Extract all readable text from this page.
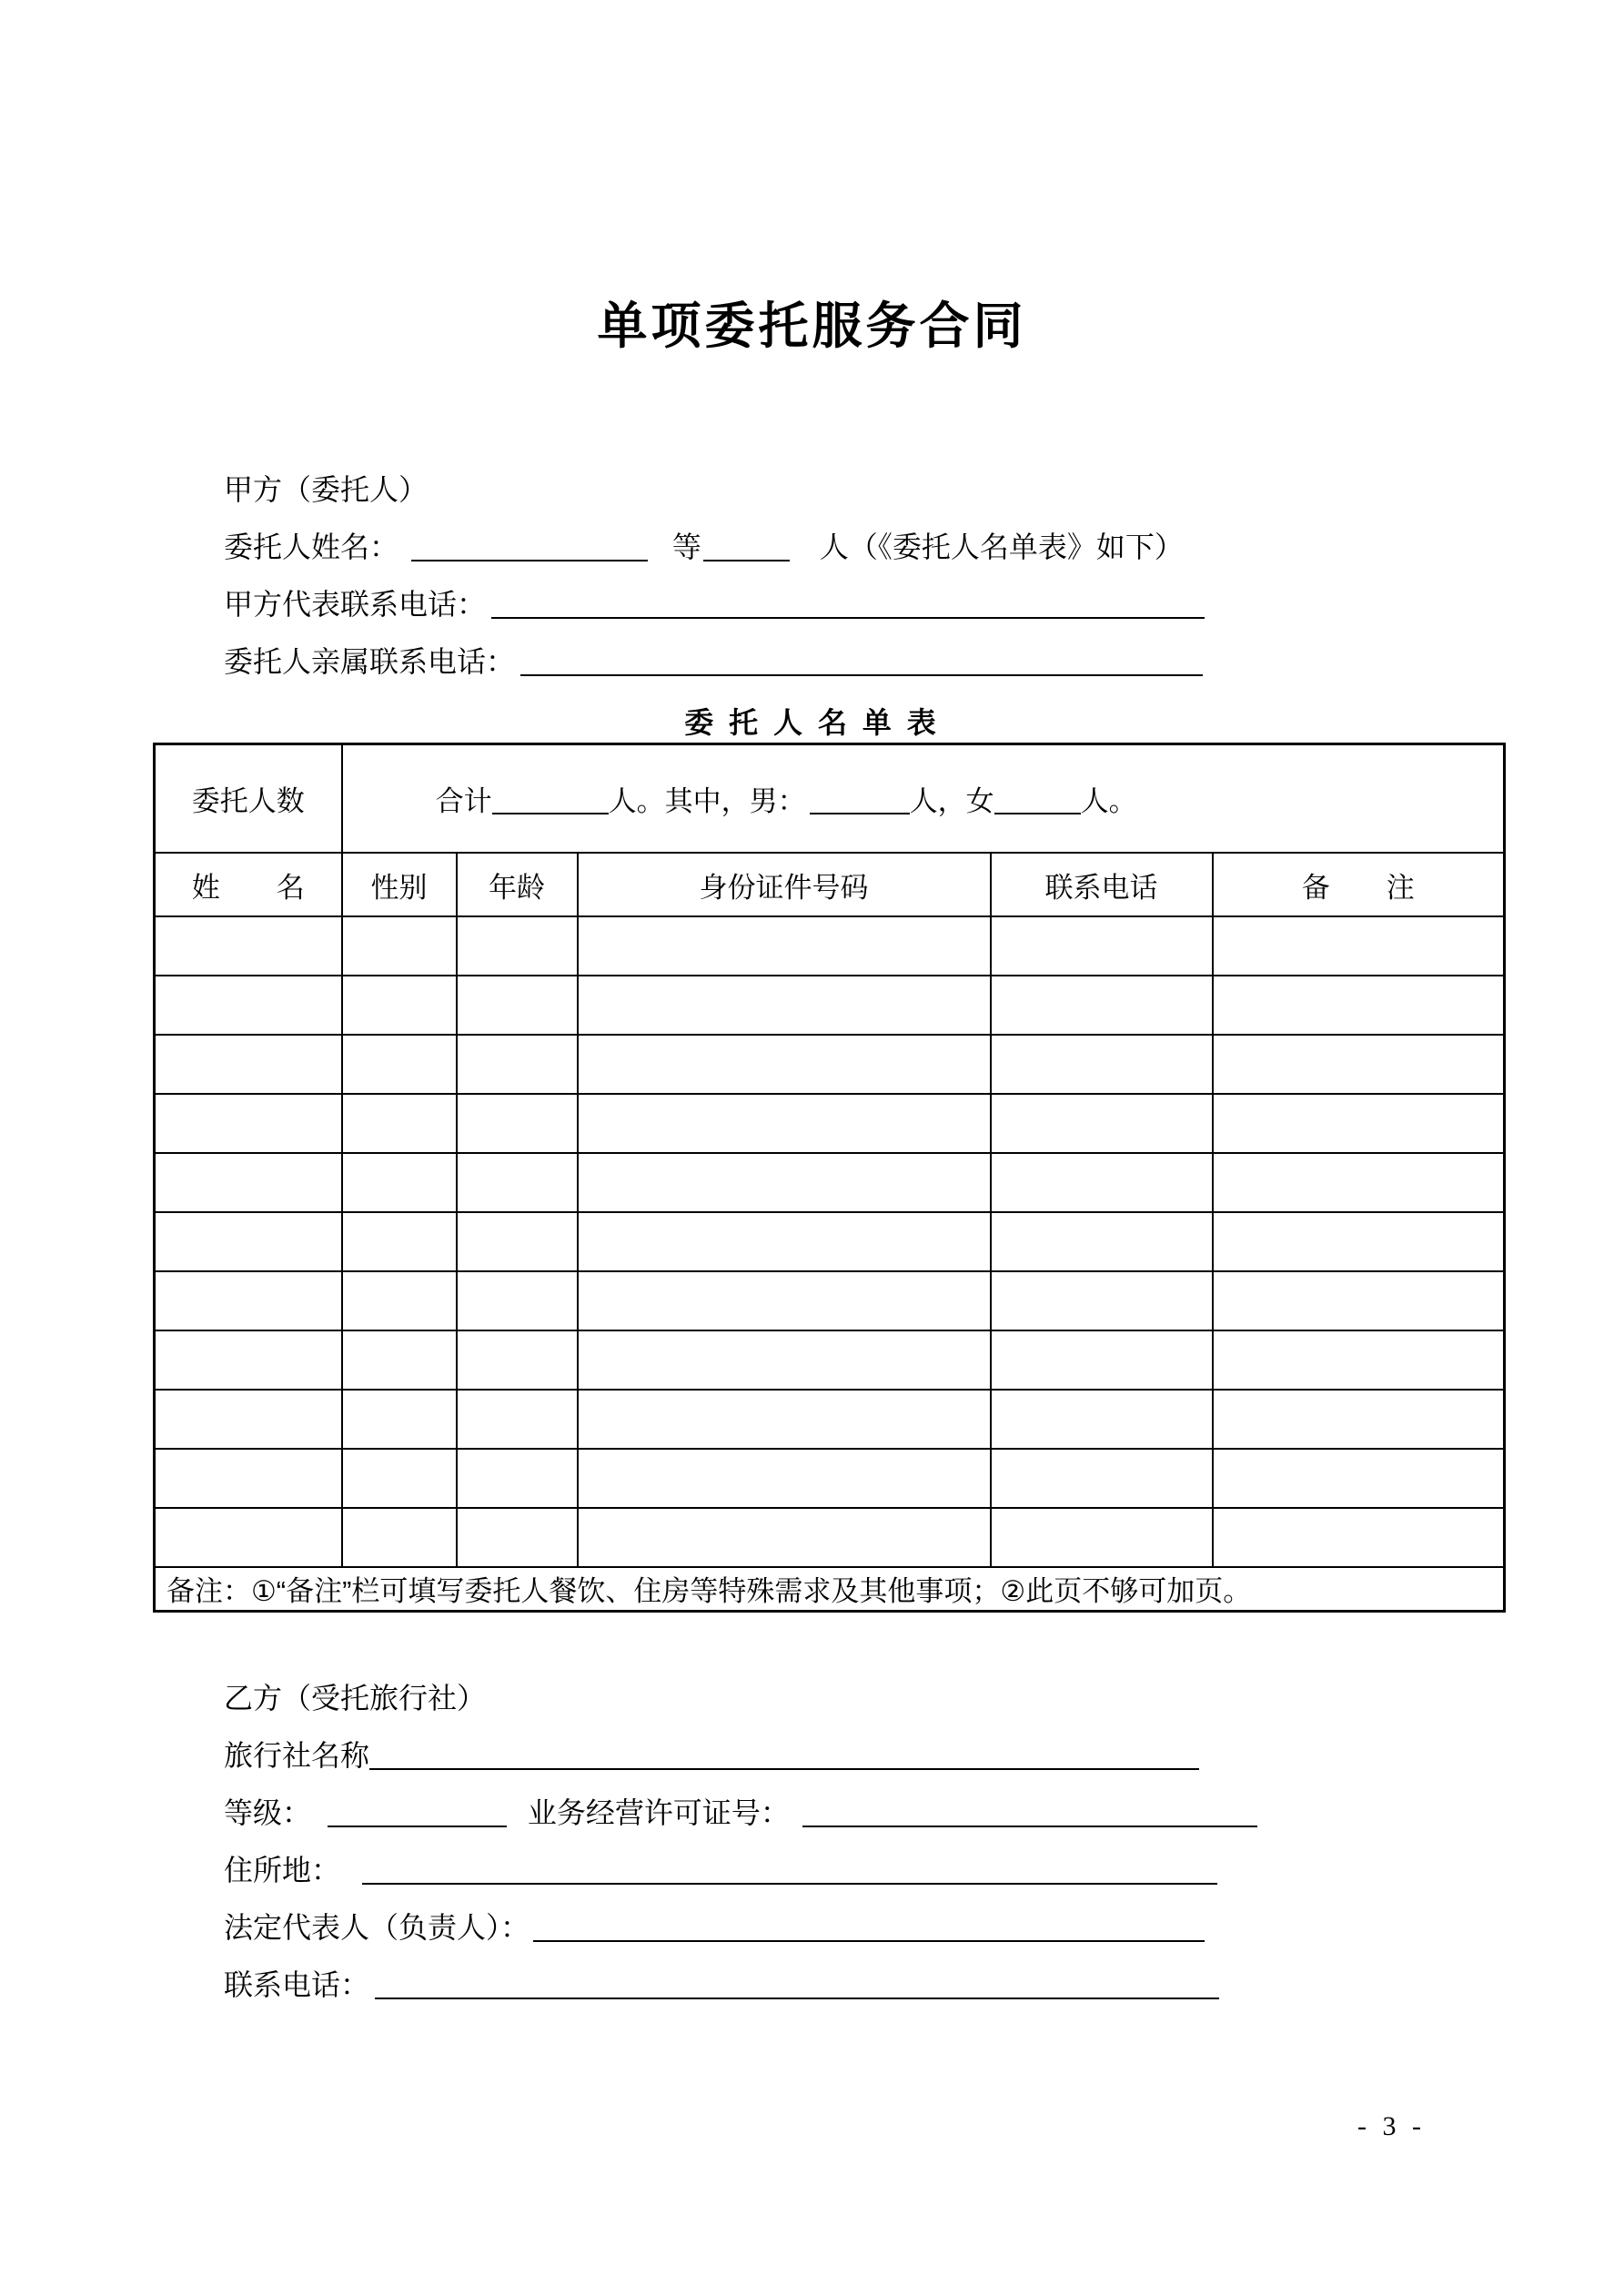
单项委托服务合同
甲方（委托人）
委托人姓名：	等	人（《委托人名单表》如下）
甲方代表联系电话：
委托人亲属联系电话：
委 托 人 名 单 表
委托人数	合计 人。其中，男： 人，女 人。				

姓　　名	性别	年龄	身份证件号码	联系电话	备　　注

备注：①“备注”栏可填写委托人餐饮、住房等特殊需求及其他事项；②此页不够可加页。					
乙方（受托旅行社）
旅行社名称
等级：	业务经营许可证号：
住所地：
法定代表人（负责人）：
联系电话：
- 3 -
